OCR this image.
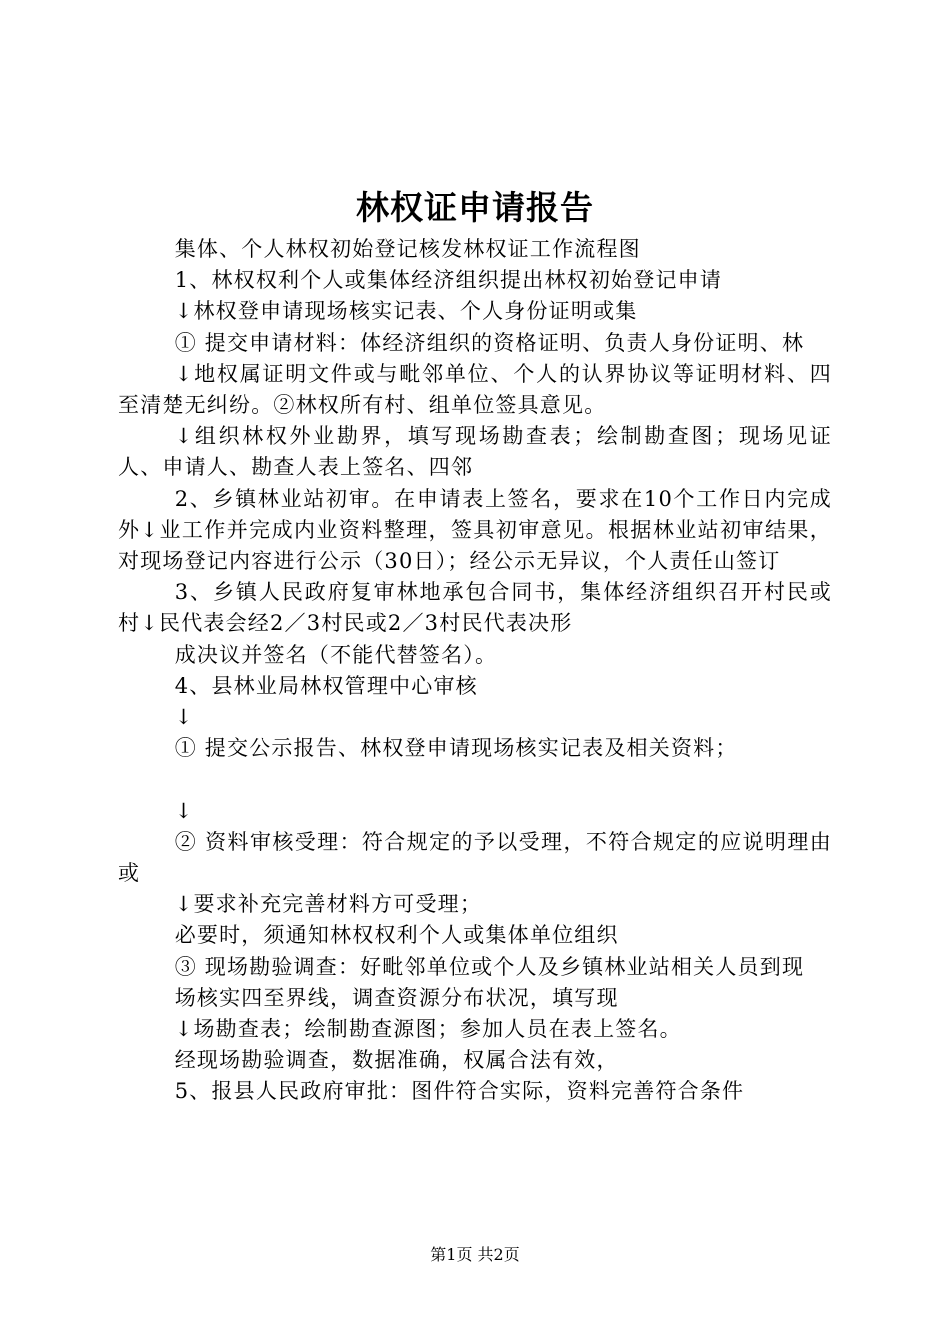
林权证申请报告

集体、个人林权初始登记核发林权证工作流程图

1、林权权利个人或集体经济组织提出林权初始登记申请

↓林权登申请现场核实记表、个人身份证明或集

① 提交申请材料：体经济组织的资格证明、负责人身份证明、林

↓地权属证明文件或与毗邻单位、个人的认界协议等证明材料、四至清楚无纠纷。②林权所有村、组单位签具意见。

↓组织林权外业勘界，填写现场勘查表；绘制勘查图；现场见证人、申请人、勘查人表上签名、四邻

2、乡镇林业站初审。在申请表上签名，要求在10个工作日内完成外↓业工作并完成内业资料整理，签具初审意见。根据林业站初审结果，对现场登记内容进行公示（30日）；经公示无异议，个人责任山签订

3、乡镇人民政府复审林地承包合同书，集体经济组织召开村民或村↓民代表会经2／3村民或2／3村民代表决形

成决议并签名（不能代替签名）。

4、县林业局林权管理中心审核

↓

① 提交公示报告、林权登申请现场核实记表及相关资料；

↓

② 资料审核受理：符合规定的予以受理，不符合规定的应说明理由或

↓要求补充完善材料方可受理；

必要时，须通知林权权利个人或集体单位组织

③ 现场勘验调查：好毗邻单位或个人及乡镇林业站相关人员到现

场核实四至界线，调查资源分布状况，填写现

↓场勘查表；绘制勘查源图；参加人员在表上签名。

经现场勘验调查，数据准确，权属合法有效，

5、报县人民政府审批：图件符合实际，资料完善符合条件

第1页 共2页
